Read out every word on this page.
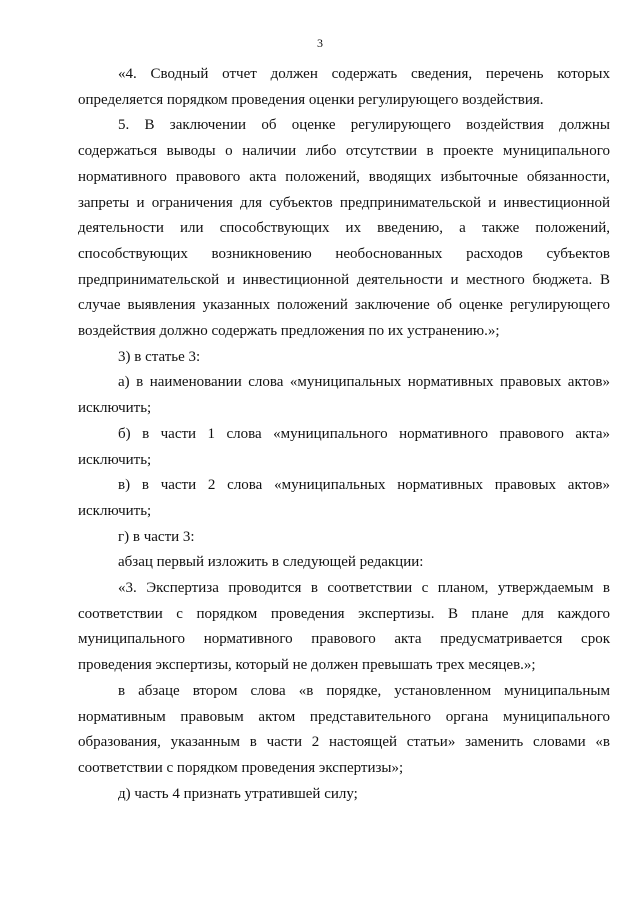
3

«4. Сводный отчет должен содержать сведения, перечень которых определяется порядком проведения оценки регулирующего воздействия.

5. В заключении об оценке регулирующего воздействия должны содержаться выводы о наличии либо отсутствии в проекте муниципального нормативного правового акта положений, вводящих избыточные обязанности, запреты и ограничения для субъектов предпринимательской и инвестиционной деятельности или способствующих их введению, а также положений, способствующих возникновению необоснованных расходов субъектов предпринимательской и инвестиционной деятельности и местного бюджета. В случае выявления указанных положений заключение об оценке регулирующего воздействия должно содержать предложения по их устранению.»;

3) в статье 3:

а) в наименовании слова «муниципальных нормативных правовых актов» исключить;

б) в части 1 слова «муниципального нормативного правового акта» исключить;

в) в части 2 слова «муниципальных нормативных правовых актов» исключить;

г) в части 3:

абзац первый изложить в следующей редакции:

«3. Экспертиза проводится в соответствии с планом, утверждаемым в соответствии с порядком проведения экспертизы. В плане для каждого муниципального нормативного правового акта предусматривается срок проведения экспертизы, который не должен превышать трех месяцев.»;

в абзаце втором слова «в порядке, установленном муниципальным нормативным правовым актом представительного органа муниципального образования, указанным в части 2 настоящей статьи» заменить словами «в соответствии с порядком проведения экспертизы»;

д) часть 4 признать утратившей силу;
